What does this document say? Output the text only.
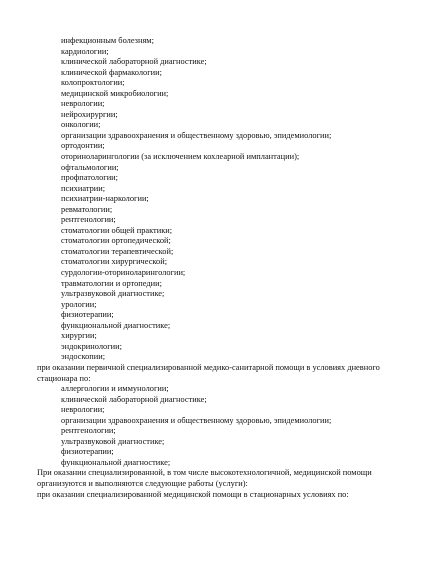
инфекционным болезням;

кардиологии;

клинической лабораторной диагностике;

клинической фармакологии;

колопроктологии;

медицинской микробиологии;

неврологии;

нейрохирургии;

онкологии;

организации здравоохранения и общественному здоровью, эпидемиологии;

ортодонтии;

оториноларингологии (за исключением кохлеарной имплантации);

офтальмологии;

профпатологии;

психиатрии;

психиатрии-наркологии;

ревматологии;

рентгенологии;

стоматологии общей практики;

стоматологии ортопедической;

стоматологии терапевтической;

стоматологии хирургической;

сурдологии-оториноларингологии;

травматологии и ортопедии;

ультразвуковой диагностике;

урологии;

физиотерапии;

функциональной диагностике;

хирургии;

эндокринологии;

эндоскопии;

при оказании первичной специализированной медико-санитарной помощи в условиях дневного

стационара по:

аллергологии и иммунологии;

клинической лабораторной диагностике;

неврологии;

организации здравоохранения и общественному здоровью, эпидемиологии;

рентгенологии;

ультразвуковой диагностике;

физиотерапии;

функциональной диагностике;

При оказании специализированной, в том числе высокотехнологичной, медицинской помощи

организуются и выполняются следующие работы (услуги):

при оказании специализированной медицинской помощи в стационарных условиях по:
